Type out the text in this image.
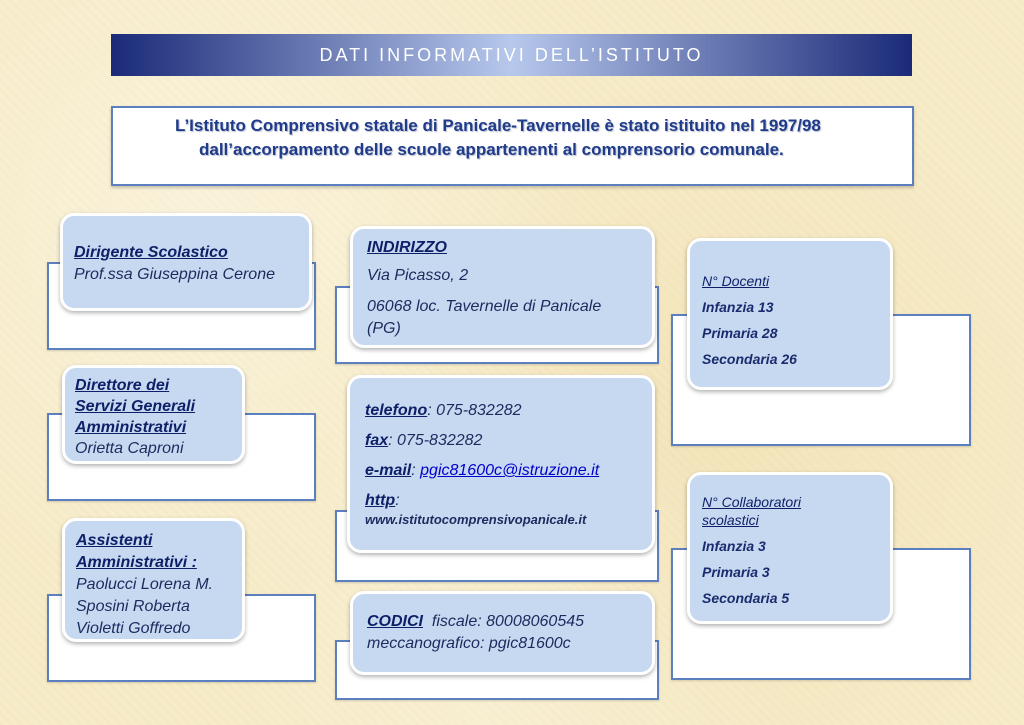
DATI INFORMATIVI DELL’ISTITUTO

L’Istituto Comprensivo statale di Panicale-Tavernelle è stato istituito nel 1997/98

dall’accorpamento delle scuole appartenenti al comprensorio comunale.

Dirigente Scolastico
Prof.ssa Giuseppina Cerone
Direttore dei
Servizi Generali
Amministrativi
Orietta Caproni
Assistenti
Amministrativi :
Paolucci Lorena M.
Sposini Roberta
Violetti Goffredo
INDIRIZZO
Via Picasso, 2
06068 loc. Tavernelle di Panicale
(PG)
telefono: 075-832282
fax: 075-832282
e-mail: pgic81600c@istruzione.it
http:
www.istitutocomprensivopanicale.it
CODICI fiscale: 80008060545
meccanografico: pgic81600c
N° Docenti
Infanzia 13
Primaria 28
Secondaria 26
N° Collaboratori
scolastici
Infanzia 3
Primaria 3
Secondaria 5
